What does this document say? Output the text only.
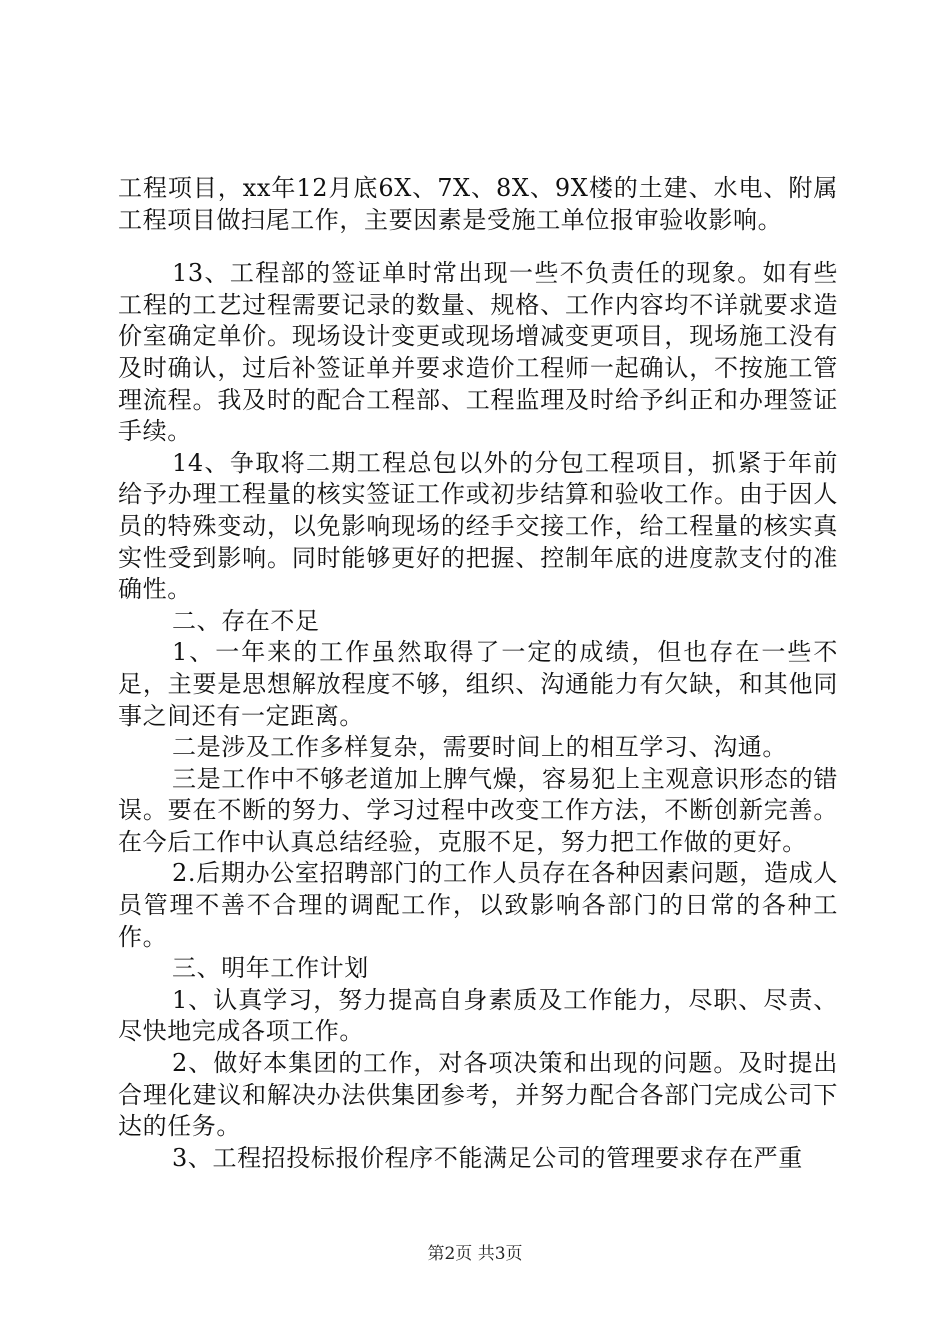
工程项目，xx年12月底6X、7X、8X、9X楼的土建、水电、附属工程项目做扫尾工作，主要因素是受施工单位报审验收影响。

13、工程部的签证单时常出现一些不负责任的现象。如有些工程的工艺过程需要记录的数量、规格、工作内容均不详就要求造价室确定单价。现场设计变更或现场增减变更项目，现场施工没有及时确认，过后补签证单并要求造价工程师一起确认，不按施工管理流程。我及时的配合工程部、工程监理及时给予纠正和办理签证手续。

14、争取将二期工程总包以外的分包工程项目，抓紧于年前给予办理工程量的核实签证工作或初步结算和验收工作。由于因人员的特殊变动，以免影响现场的经手交接工作，给工程量的核实真实性受到影响。同时能够更好的把握、控制年底的进度款支付的准确性。

二、存在不足

1、一年来的工作虽然取得了一定的成绩，但也存在一些不足，主要是思想解放程度不够，组织、沟通能力有欠缺，和其他同事之间还有一定距离。

二是涉及工作多样复杂，需要时间上的相互学习、沟通。

三是工作中不够老道加上脾气燥，容易犯上主观意识形态的错误。要在不断的努力、学习过程中改变工作方法，不断创新完善。在今后工作中认真总结经验，克服不足，努力把工作做的更好。

2.后期办公室招聘部门的工作人员存在各种因素问题，造成人员管理不善不合理的调配工作，以致影响各部门的日常的各种工作。

三、明年工作计划

1、认真学习，努力提高自身素质及工作能力，尽职、尽责、尽快地完成各项工作。

2、做好本集团的工作，对各项决策和出现的问题。及时提出合理化建议和解决办法供集团参考，并努力配合各部门完成公司下达的任务。

3、工程招投标报价程序不能满足公司的管理要求存在严重

第2页 共3页
